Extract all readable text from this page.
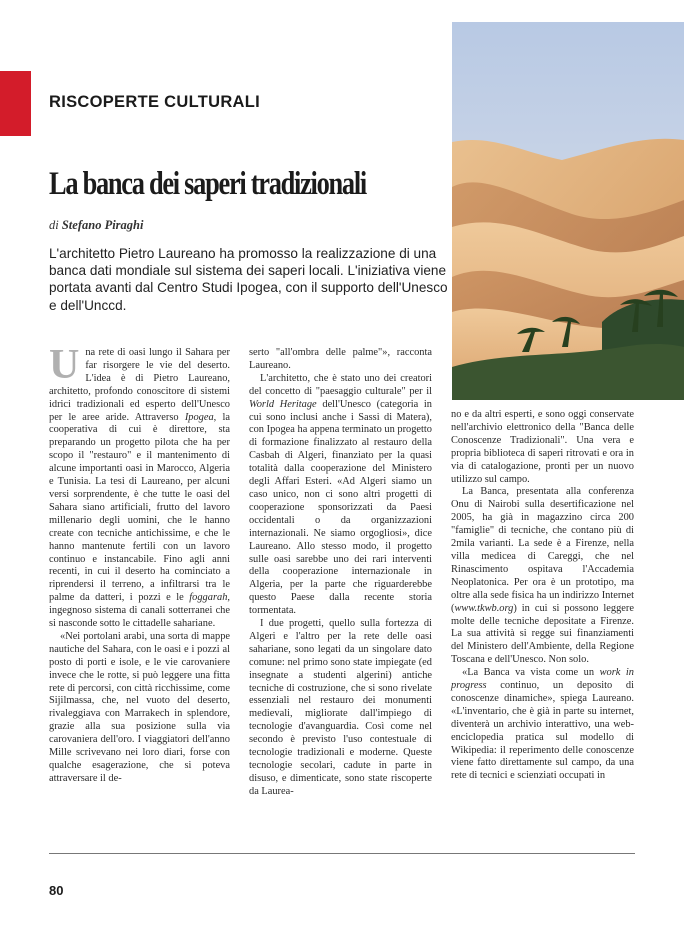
RISCOPERTE CULTURALI
La banca dei saperi tradizionali
di Stefano Piraghi
L'architetto Pietro Laureano ha promosso la realizzazione di una banca dati mondiale sul sistema dei saperi locali. L'iniziativa viene portata avanti dal Centro Studi Ipogea, con il supporto dell'Unesco e dell'Unccd.

Una rete di oasi lungo il Sahara per far risorgere le vie del deserto. L'idea è di Pietro Laureano, architetto, profondo conoscitore di sistemi idrici tradizionali ed esperto dell'Unesco per le aree aride. Attraverso Ipogea, la cooperativa di cui è direttore, sta preparando un progetto pilota che ha per scopo il "restauro" e il mantenimento di alcune importanti oasi in Marocco, Algeria e Tunisia. La tesi di Laureano, per alcuni versi sorprendente, è che tutte le oasi del Sahara siano artificiali, frutto del lavoro millenario degli uomini, che le hanno create con tecniche antichissime, e che le hanno mantenute fertili con un lavoro continuo e instancabile. Fino agli anni recenti, in cui il deserto ha cominciato a riprendersi il terreno, a infiltrarsi tra le palme da datteri, i pozzi e le foggarah, ingegnoso sistema di canali sotterranei che si nasconde sotto le cittadelle sahariane.

«Nei portolani arabi, una sorta di mappe nautiche del Sahara, con le oasi e i pozzi al posto di porti e isole, e le vie carovaniere invece che le rotte, si può leggere una fitta rete di percorsi, con città ricchissime, come Sijilmassa, che, nel vuoto del deserto, rivaleggiava con Marrakech in splendore, grazie alla sua posizione sulla via carovaniera dell'oro. I viaggiatori dell'anno Mille scrivevano nei loro diari, forse con qualche esagerazione, che si poteva attraversare il de-

serto "all'ombra delle palme"», racconta Laureano.

L'architetto, che è stato uno dei creatori del concetto di "paesaggio culturale" per il World Heritage dell'Unesco (categoria in cui sono inclusi anche i Sassi di Matera), con Ipogea ha appena terminato un progetto di formazione finalizzato al restauro della Casbah di Algeri, finanziato per la quasi totalità dalla cooperazione del Ministero degli Affari Esteri. «Ad Algeri siamo un caso unico, non ci sono altri progetti di cooperazione sponsorizzati da Paesi occidentali o da organizzazioni internazionali. Ne siamo orgogliosi», dice Laureano. Allo stesso modo, il progetto sulle oasi sarebbe uno dei rari interventi della cooperazione internazionale in Algeria, per la parte che riguarderebbe questo Paese dalla recente storia tormentata.

I due progetti, quello sulla fortezza di Algeri e l'altro per la rete delle oasi sahariane, sono legati da un singolare dato comune: nel primo sono state impiegate (ed insegnate a studenti algerini) antiche tecniche di costruzione, che si sono rivelate essenziali nel restauro dei monumenti medievali, migliorate dall'impiego di tecnologie d'avanguardia. Così come nel secondo è previsto l'uso contestuale di tecnologie tradizionali e moderne. Queste tecnologie secolari, cadute in parte in disuso, e dimenticate, sono state riscoperte da Laurea-

no e da altri esperti, e sono oggi conservate nell'archivio elettronico della "Banca delle Conoscenze Tradizionali". Una vera e propria biblioteca di saperi ritrovati e ora in via di catalogazione, pronti per un nuovo utilizzo sul campo.

La Banca, presentata alla conferenza Onu di Nairobi sulla desertificazione nel 2005, ha già in magazzino circa 200 "famiglie" di tecniche, che contano più di 2mila varianti. La sede è a Firenze, nella villa medicea di Careggi, che nel Rinascimento ospitava l'Accademia Neoplatonica. Per ora è un prototipo, ma oltre alla sede fisica ha un indirizzo Internet (www.tkwb.org) in cui si possono leggere molte delle tecniche depositate a Firenze. La sua attività si regge sui finanziamenti del Ministero dell'Ambiente, della Regione Toscana e dell'Unesco. Non solo.

«La Banca va vista come un work in progress continuo, un deposito di conoscenze dinamiche», spiega Laureano. «L'inventario, che è già in parte su internet, diventerà un archivio interattivo, una web-enciclopedia pratica sul modello di Wikipedia: il reperimento delle conoscenze viene fatto direttamente sul campo, da una rete di tecnici e scienziati occupati in

80
